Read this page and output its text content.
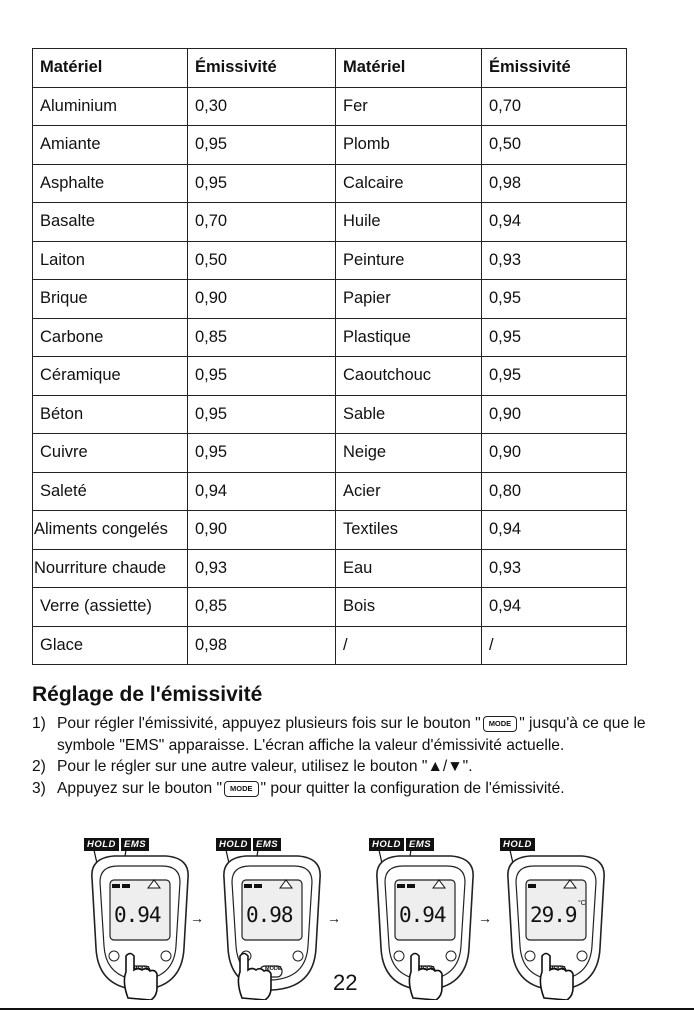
Matériel	Émissivité	Matériel	Émissivité
Aluminium	0,30	Fer	0,70
Amiante	0,95	Plomb	0,50
Asphalte	0,95	Calcaire	0,98
Basalte	0,70	Huile	0,94
Laiton	0,50	Peinture	0,93
Brique	0,90	Papier	0,95
Carbone	0,85	Plastique	0,95
Céramique	0,95	Caoutchouc	0,95
Béton	0,95	Sable	0,90
Cuivre	0,95	Neige	0,90
Saleté	0,94	Acier	0,80
Aliments congelés	0,90	Textiles	0,94
Nourriture chaude	0,93	Eau	0,93
Verre (assiette)	0,85	Bois	0,94
Glace	0,98	/	/
Réglage de l'émissivité
1) Pour régler l'émissivité, appuyez plusieurs fois sur le bouton " MODE " jusqu'à ce que le symbole "EMS" apparaisse. L'écran affiche la valeur d'émissivité actuelle.
2) Pour le régler sur une autre valeur, utilisez le bouton "▲/▼".
3) Appuyez sur le bouton " MODE " pour quitter la configuration de l'émissivité.
HOLD EMS
0.94
MODE
HOLD EMS
0.98
MODE
HOLD EMS
0.94
MODE
HOLD
29.9 °C
MODE
→	→	→
22
